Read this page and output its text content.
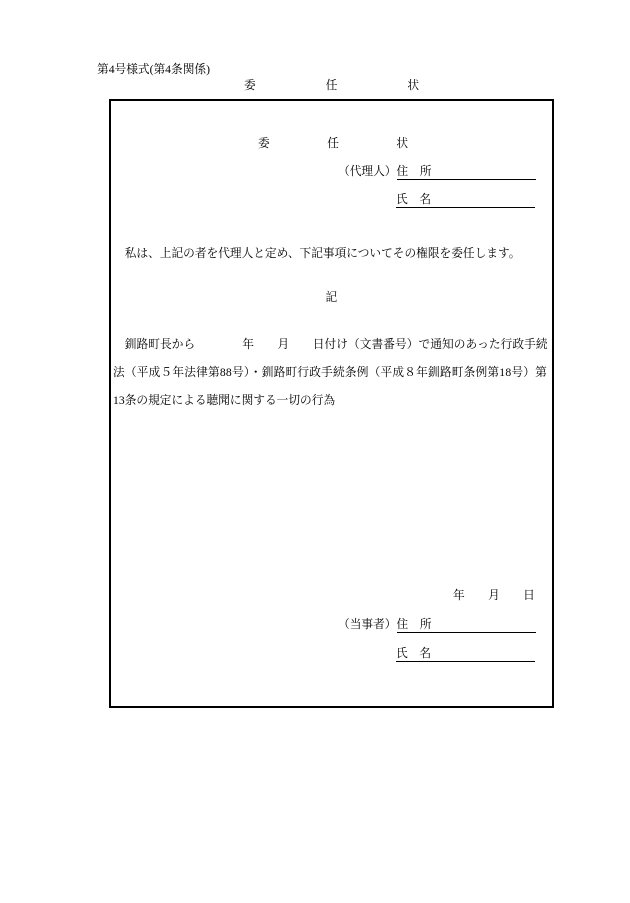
第4号様式(第4条関係)
委任状
委任状
（代理人） 住　所
氏　名
私は、上記の者を代理人と定め、下記事項についてその権限を委任します。
記
釧路町長から　　　　年　　月　　日付け（文書番号）で通知のあった行政手続
法（平成５年法律第88号）・釧路町行政手続条例（平成８年釧路町条例第18号）第
13条の規定による聴聞に関する一切の行為
年　　月　　日
（当事者） 住　所
氏　名
